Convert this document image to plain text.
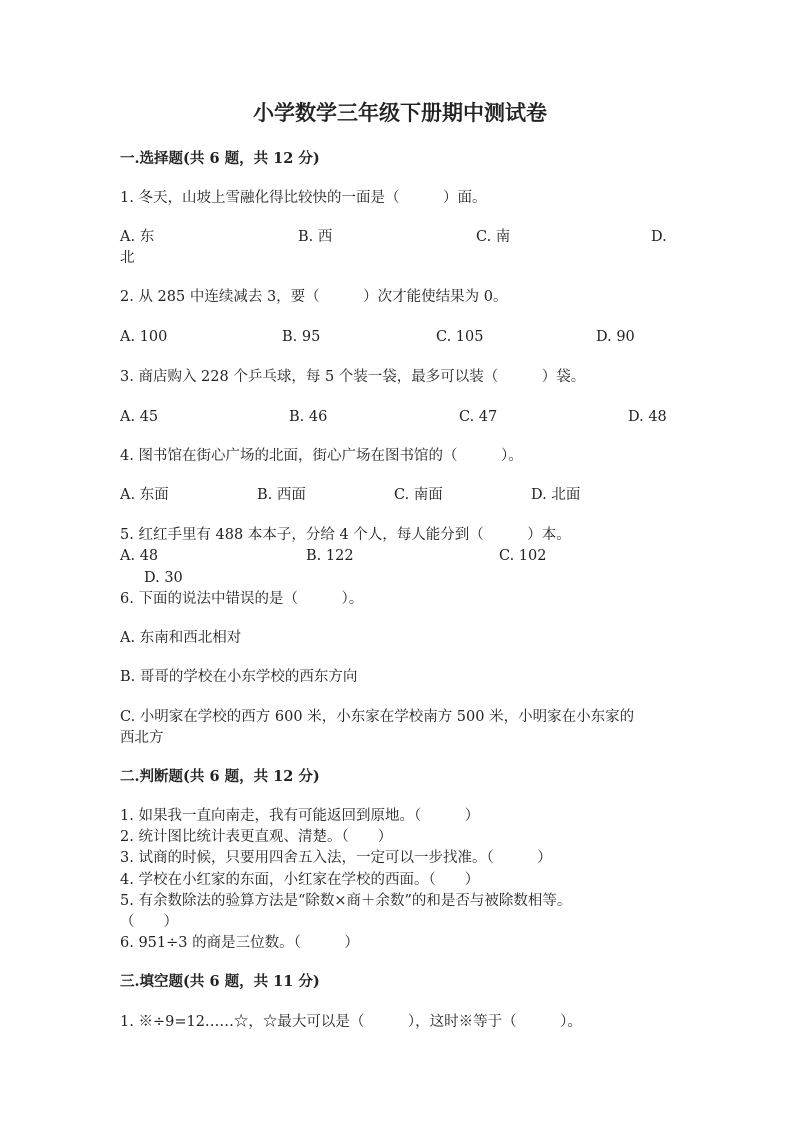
小学数学三年级下册期中测试卷
一.选择题(共 6 题，共 12 分)
1. 冬天，山坡上雪融化得比较快的一面是（　　　）面。
A. 东	B. 西	C. 南	D.
北
2. 从 285 中连续减去 3，要（　　　）次才能使结果为 0。
A. 100	B. 95	C. 105	D. 90
3. 商店购入 228 个乒乓球，每 5 个装一袋，最多可以装（　　　）袋。
A. 45	B. 46	C. 47	D. 48
4. 图书馆在街心广场的北面，街心广场在图书馆的（　　　）。
A. 东面	B. 西面	C. 南面	D. 北面
5. 红红手里有 488 本本子，分给 4 个人，每人能分到（　　　）本。
A. 48	B. 122	C. 102
D. 30
6. 下面的说法中错误的是（　　　）。
A. 东南和西北相对
B. 哥哥的学校在小东学校的西东方向
C. 小明家在学校的西方 600 米，小东家在学校南方 500 米，小明家在小东家的
西北方
二.判断题(共 6 题，共 12 分)
1. 如果我一直向南走，我有可能返回到原地。（　　　）
2. 统计图比统计表更直观、清楚。（　　）
3. 试商的时候，只要用四舍五入法，一定可以一步找准。（　　　）
4. 学校在小红家的东面，小红家在学校的西面。（　　）
5. 有余数除法的验算方法是“除数×商＋余数”的和是否与被除数相等。
（　　）
6. 951÷3 的商是三位数。（　　　）
三.填空题(共 6 题，共 11 分)
1. ※÷9=12……☆，☆最大可以是（　　　），这时※等于（　　　）。
